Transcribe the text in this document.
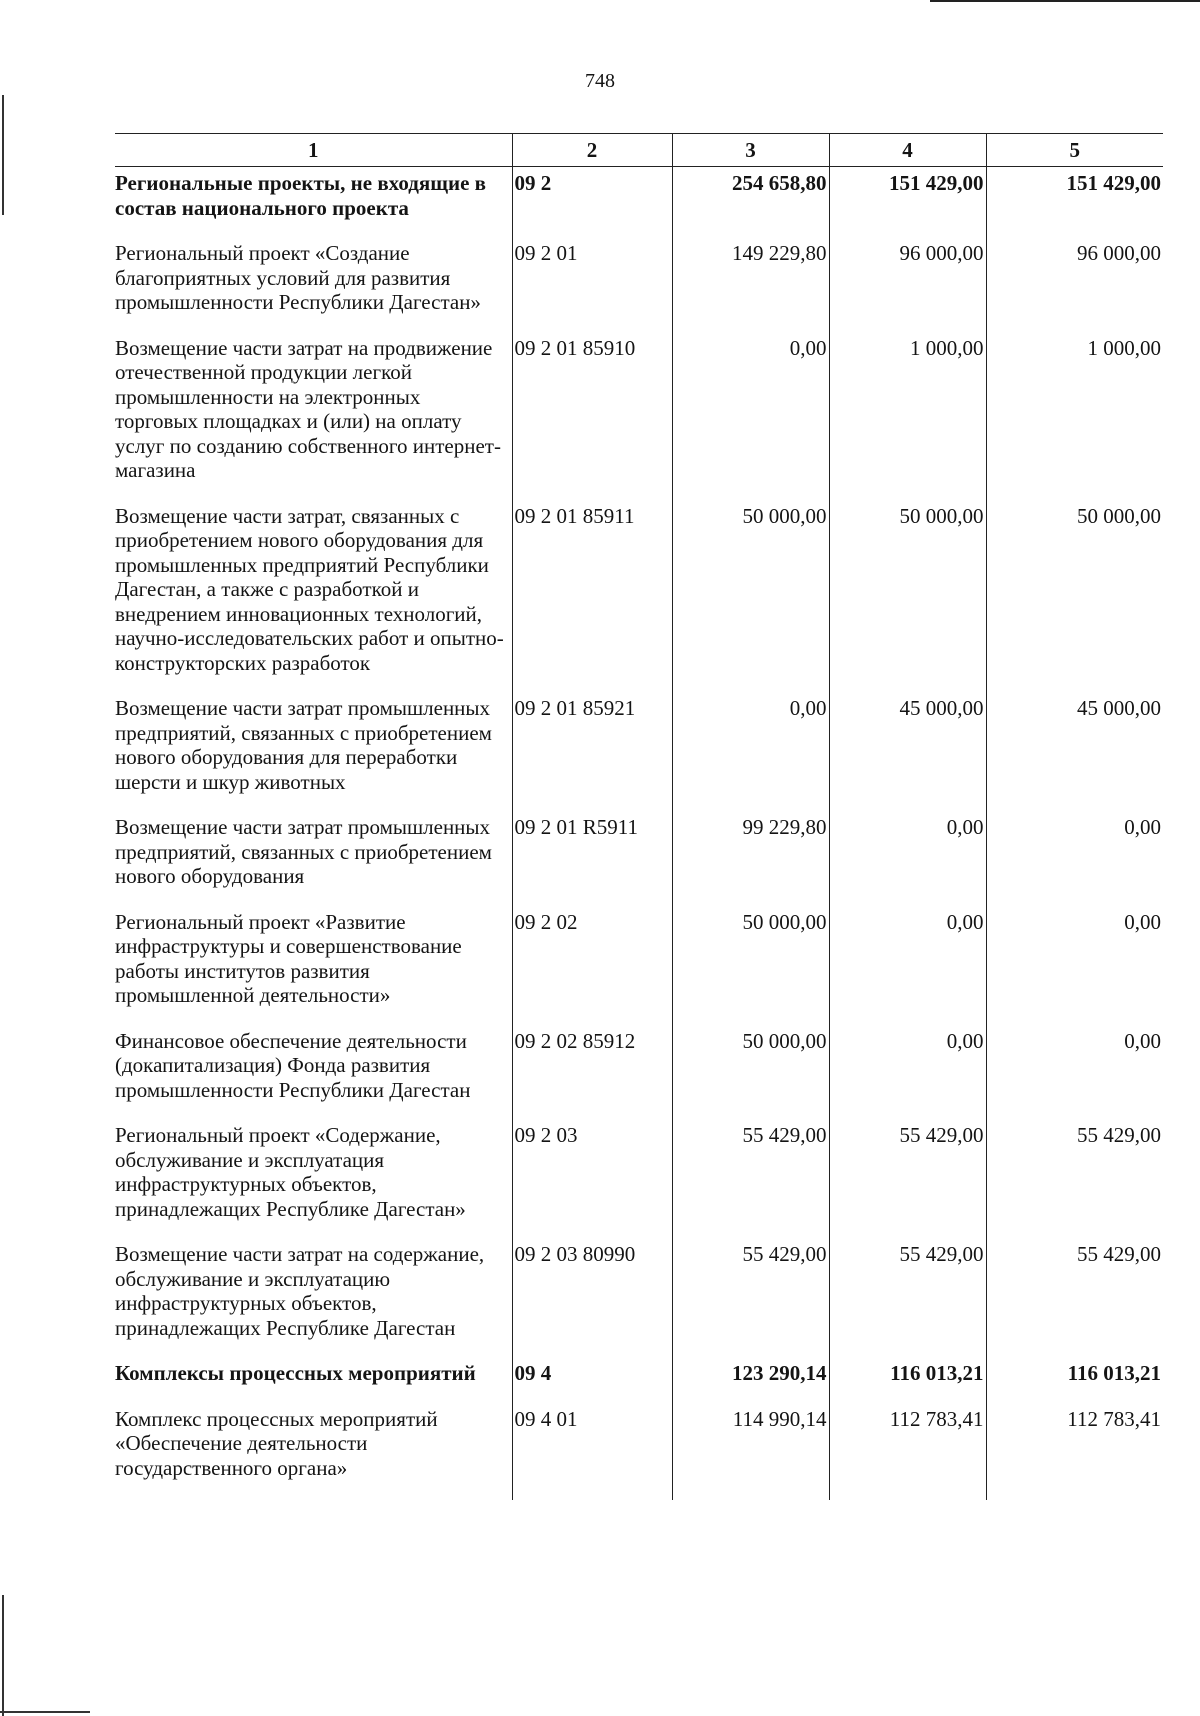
748
1	2	3	4	5
Региональные проекты, не входящие в состав национального проекта	09 2	254 658,80	151 429,00	151 429,00
Региональный проект «Создание благоприятных условий для развития промышленности Республики Дагестан»	09 2 01	149 229,80	96 000,00	96 000,00
Возмещение части затрат на продвижение отечественной продукции легкой промышленности на электронных торговых площадках и (или) на оплату услуг по созданию собственного интернет-магазина	09 2 01 85910	0,00	1 000,00	1 000,00
Возмещение части затрат, связанных с приобретением нового оборудования для промышленных предприятий Республики Дагестан, а также с разработкой и внедрением инновационных технологий, научно-исследовательских работ и опытно-конструкторских разработок	09 2 01 85911	50 000,00	50 000,00	50 000,00
Возмещение части затрат промышленных предприятий, связанных с приобретением нового оборудования для переработки шерсти и шкур животных	09 2 01 85921	0,00	45 000,00	45 000,00
Возмещение части затрат промышленных предприятий, связанных с приобретением нового оборудования	09 2 01 R5911	99 229,80	0,00	0,00
Региональный проект «Развитие инфраструктуры и совершенствование работы институтов развития промышленной деятельности»	09 2 02	50 000,00	0,00	0,00
Финансовое обеспечение деятельности (докапитализация) Фонда развития промышленности Республики Дагестан	09 2 02 85912	50 000,00	0,00	0,00
Региональный проект «Содержание, обслуживание и эксплуатация инфраструктурных объектов, принадлежащих Республике Дагестан»	09 2 03	55 429,00	55 429,00	55 429,00
Возмещение части затрат на содержание, обслуживание и эксплуатацию инфраструктурных объектов, принадлежащих Республике Дагестан	09 2 03 80990	55 429,00	55 429,00	55 429,00
Комплексы процессных мероприятий	09 4	123 290,14	116 013,21	116 013,21
Комплекс процессных мероприятий «Обеспечение деятельности государственного органа»	09 4 01	114 990,14	112 783,41	112 783,41
